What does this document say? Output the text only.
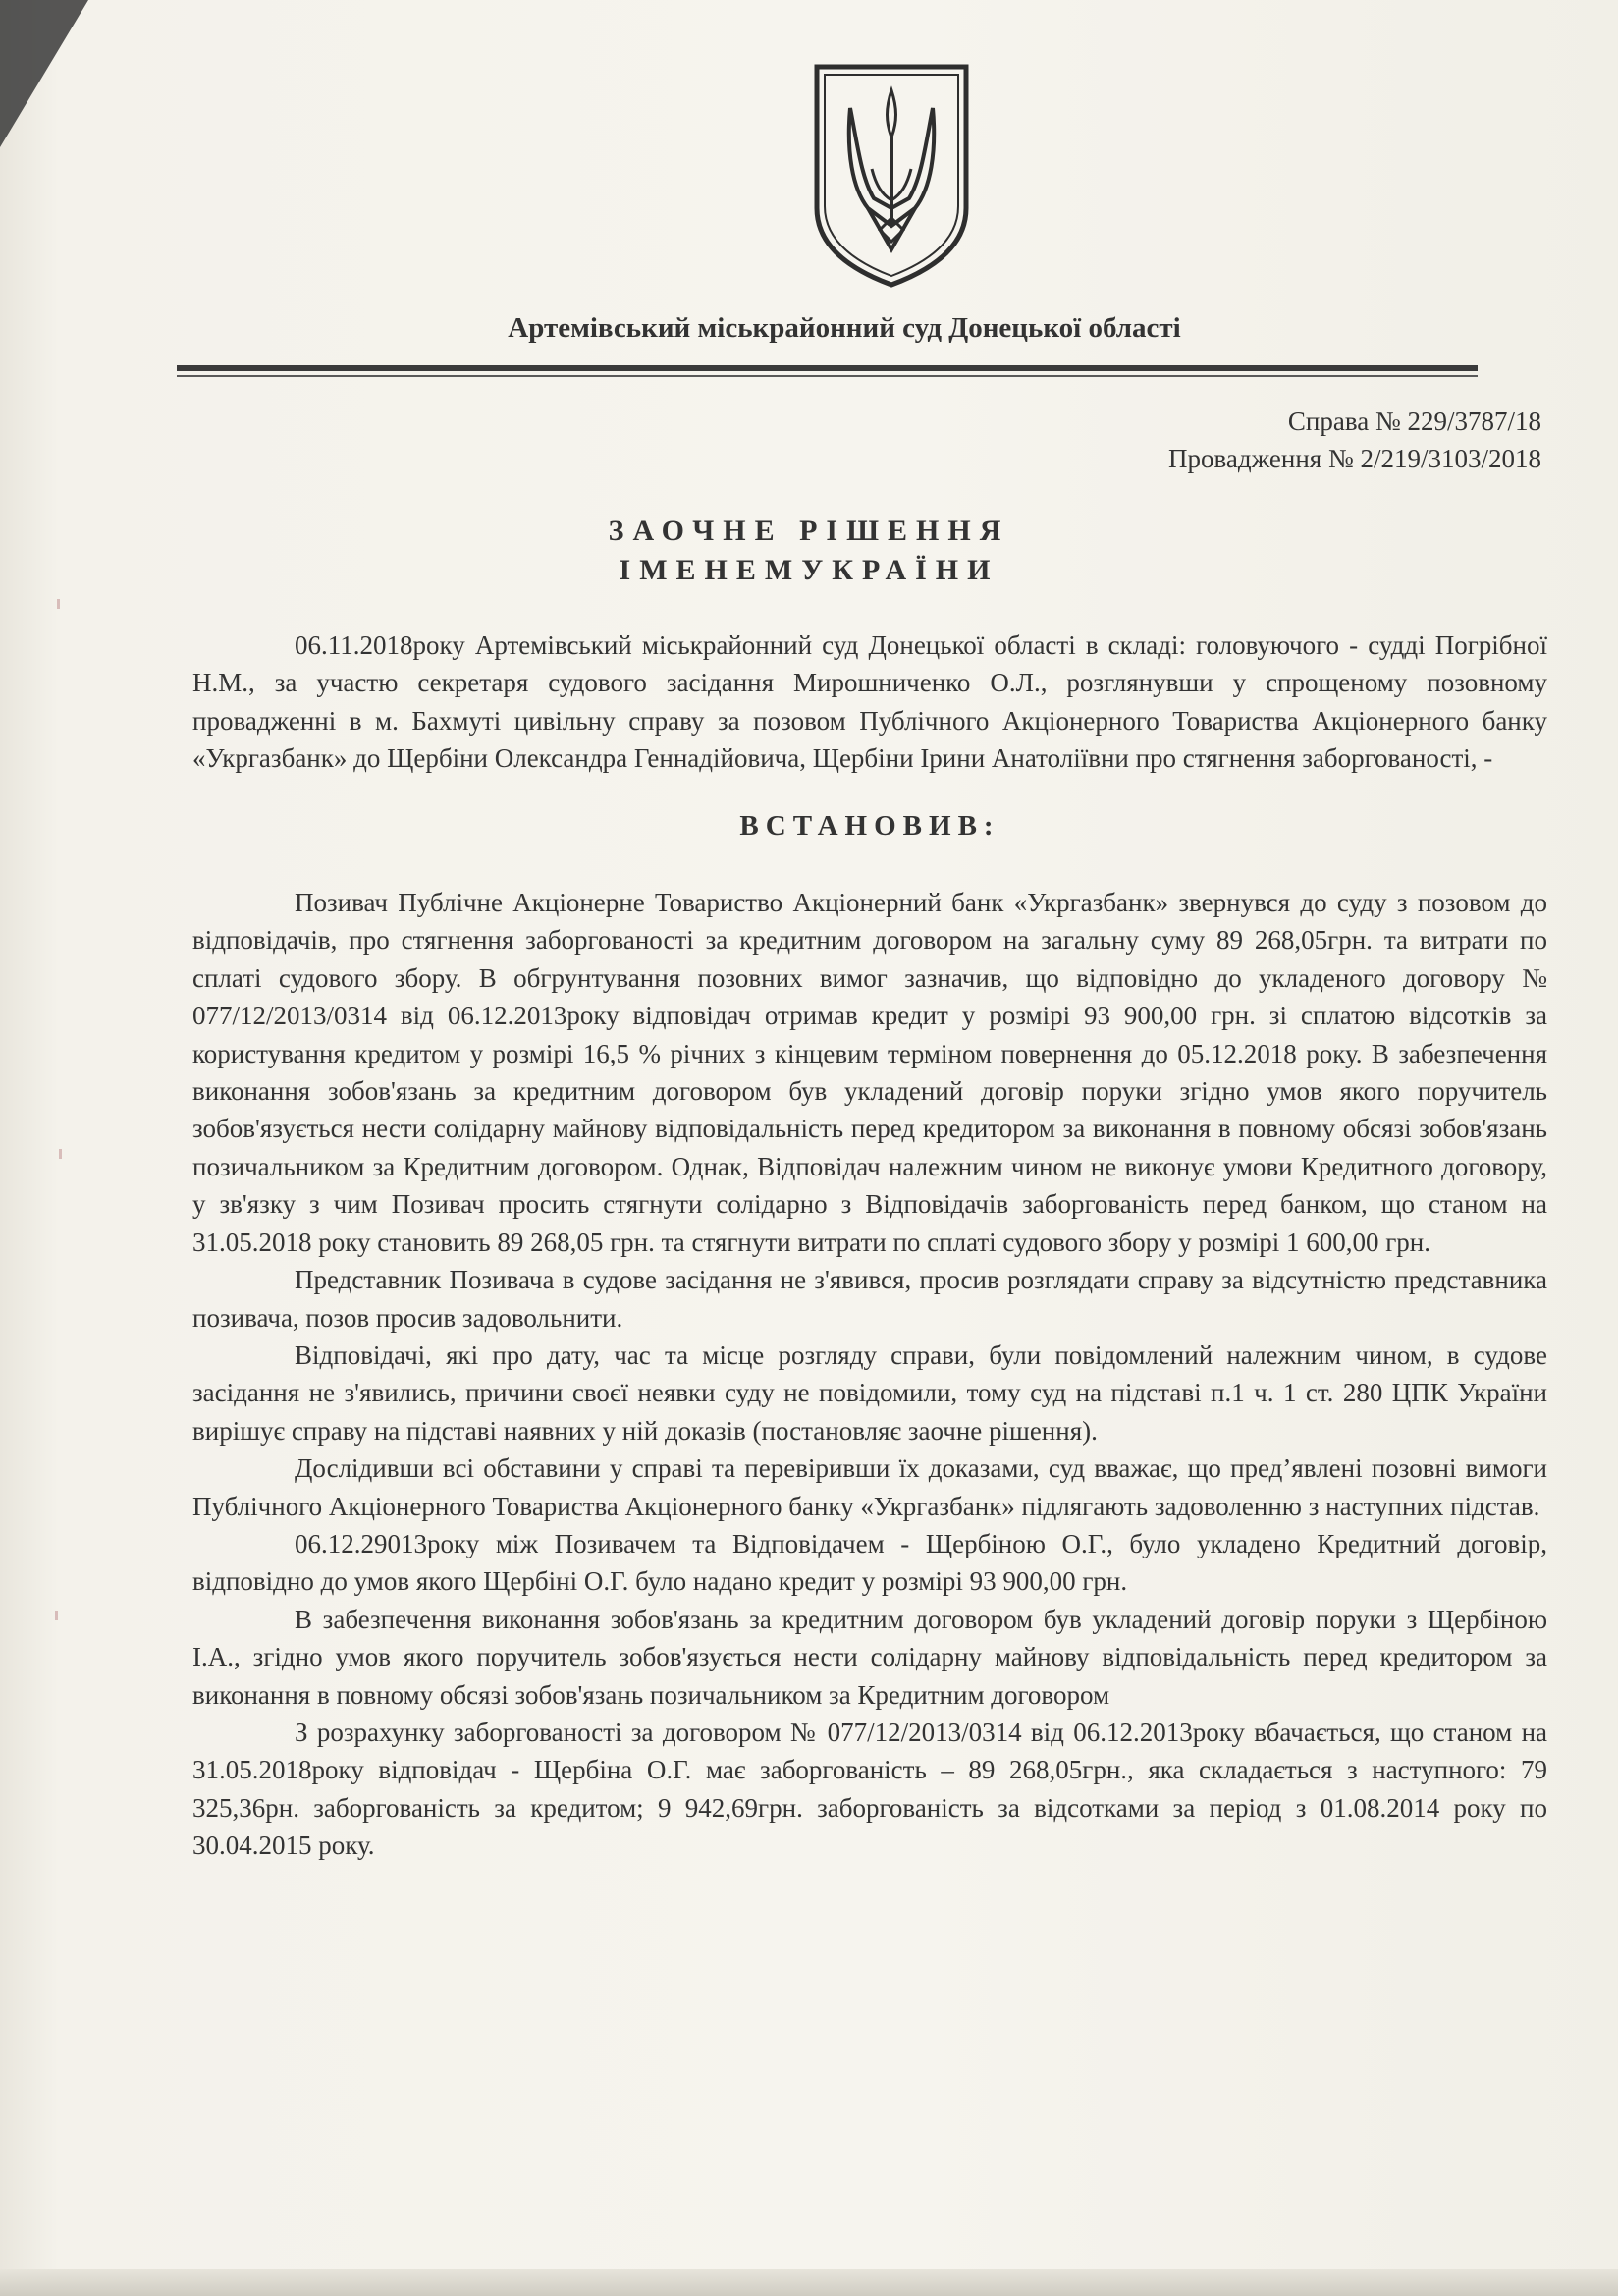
Артемівський міськрайонний суд Донецької області
Справа № 229/3787/18
Провадження № 2/219/3103/2018
ЗАОЧНЕ РІШЕННЯ
ІМЕНЕМУКРАЇНИ

06.11.2018року Артемівський міськрайонний суд Донецької області в складі: головуючого - судді Погрібної Н.М., за участю секретаря судового засідання Мирошниченко О.Л., розглянувши у спрощеному позовному провадженні в м. Бахмуті цивільну справу за позовом Публічного Акціонерного Товариства Акціонерного банку «Укргазбанк» до Щербіни Олександра Геннадійовича, Щербіни Ірини Анатоліївни про стягнення заборгованості, -

ВСТАНОВИВ:

Позивач Публічне Акціонерне Товариство Акціонерний банк «Укргазбанк» звернувся до суду з позовом до відповідачів, про стягнення заборгованості за кредитним договором на загальну суму 89 268,05грн. та витрати по сплаті судового збору. В обгрунтування позовних вимог зазначив, що відповідно до укладеного договору № 077/12/2013/0314 від 06.12.2013року відповідач отримав кредит у розмірі 93 900,00 грн. зі сплатою відсотків за користування кредитом у розмірі 16,5 % річних з кінцевим терміном повернення до 05.12.2018 року. В забезпечення виконання зобов'язань за кредитним договором був укладений договір поруки згідно умов якого поручитель зобов'язується нести солідарну майнову відповідальність перед кредитором за виконання в повному обсязі зобов'язань позичальником за Кредитним договором. Однак, Відповідач належним чином не виконує умови Кредитного договору, у зв'язку з чим Позивач просить стягнути солідарно з Відповідачів заборгованість перед банком, що станом на 31.05.2018 року становить 89 268,05 грн. та стягнути витрати по сплаті судового збору у розмірі 1 600,00 грн.

Представник Позивача в судове засідання не з'явився, просив розглядати справу за відсутністю представника позивача, позов просив задовольнити.

Відповідачі, які про дату, час та місце розгляду справи, були повідомлений належним чином, в судове засідання не з'явились, причини своєї неявки суду не повідомили, тому суд на підставі п.1 ч. 1 ст. 280 ЦПК України вирішує справу на підставі наявних у ній доказів (постановляє заочне рішення).

Дослідивши всі обставини у справі та перевіривши їх доказами, суд вважає, що пред’явлені позовні вимоги Публічного Акціонерного Товариства Акціонерного банку «Укргазбанк» підлягають задоволенню з наступних підстав.

06.12.29013року між Позивачем та Відповідачем - Щербіною О.Г., було укладено Кредитний договір, відповідно до умов якого Щербіні О.Г. було надано кредит у розмірі 93 900,00 грн.

В забезпечення виконання зобов'язань за кредитним договором був укладений договір поруки з Щербіною І.А., згідно умов якого поручитель зобов'язується нести солідарну майнову відповідальність перед кредитором за виконання в повному обсязі зобов'язань позичальником за Кредитним договором

З розрахунку заборгованості за договором № 077/12/2013/0314 від 06.12.2013року вбачається, що станом на 31.05.2018року відповідач - Щербіна О.Г. має заборгованість – 89 268,05грн., яка складається з наступного: 79 325,36рн. заборгованість за кредитом; 9 942,69грн. заборгованість за відсотками за період з 01.08.2014 року по 30.04.2015 року.
